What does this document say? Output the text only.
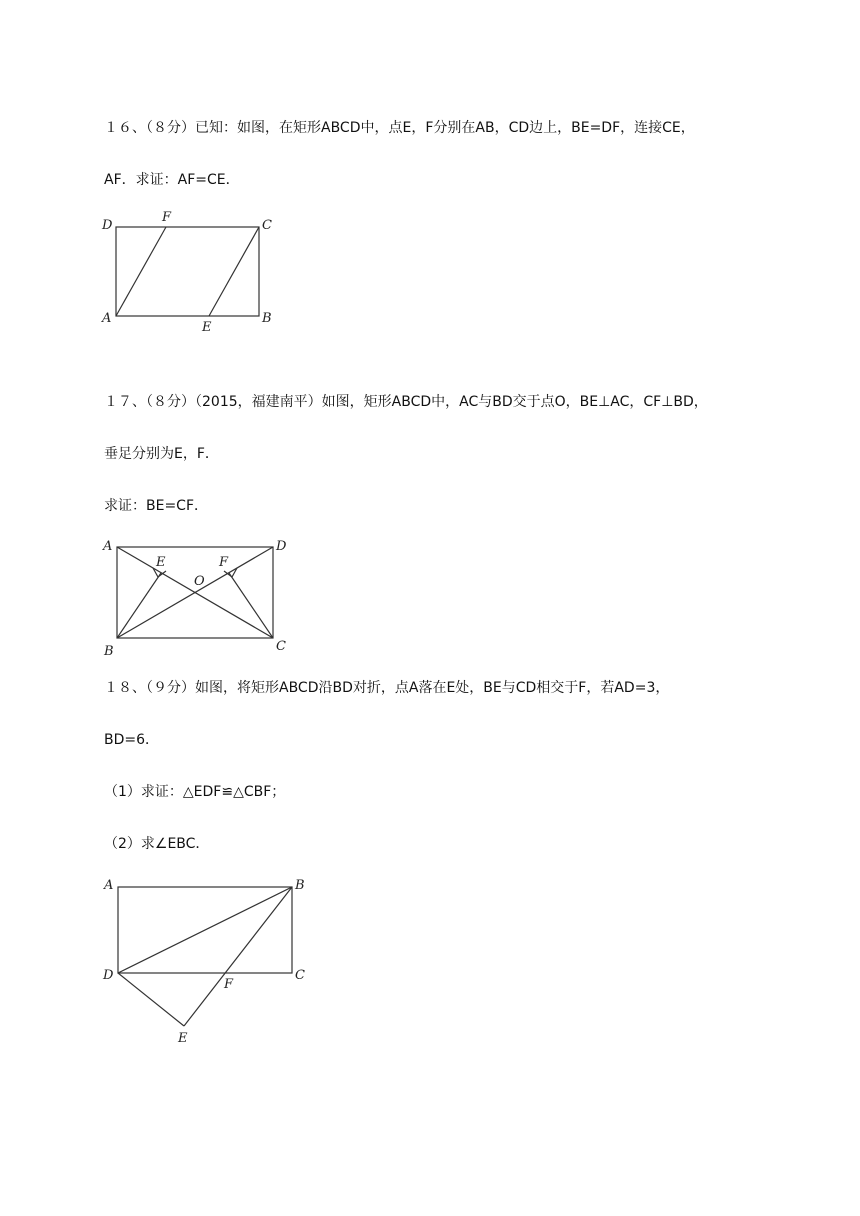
１６、（８分）已知：如图，在矩形ABCD中，点E，F分别在AB，CD边上，BE=DF，连接CE，
AF．求证：AF=CE．
D
F
C
A
E
B
１７、（８分）（2015，福建南平）如图，矩形ABCD中，AC与BD交于点O，BE⊥AC，CF⊥BD，
垂足分别为E，F．
求证：BE=CF．
A
E
O
F
D
B	C
１８、（９分）如图，将矩形ABCD沿BD对折，点A落在E处，BE与CD相交于F，若AD=3，
BD=6．
（1）求证：△EDF≌△CBF；
（2）求∠EBC．
A	B
D	C
F
E
